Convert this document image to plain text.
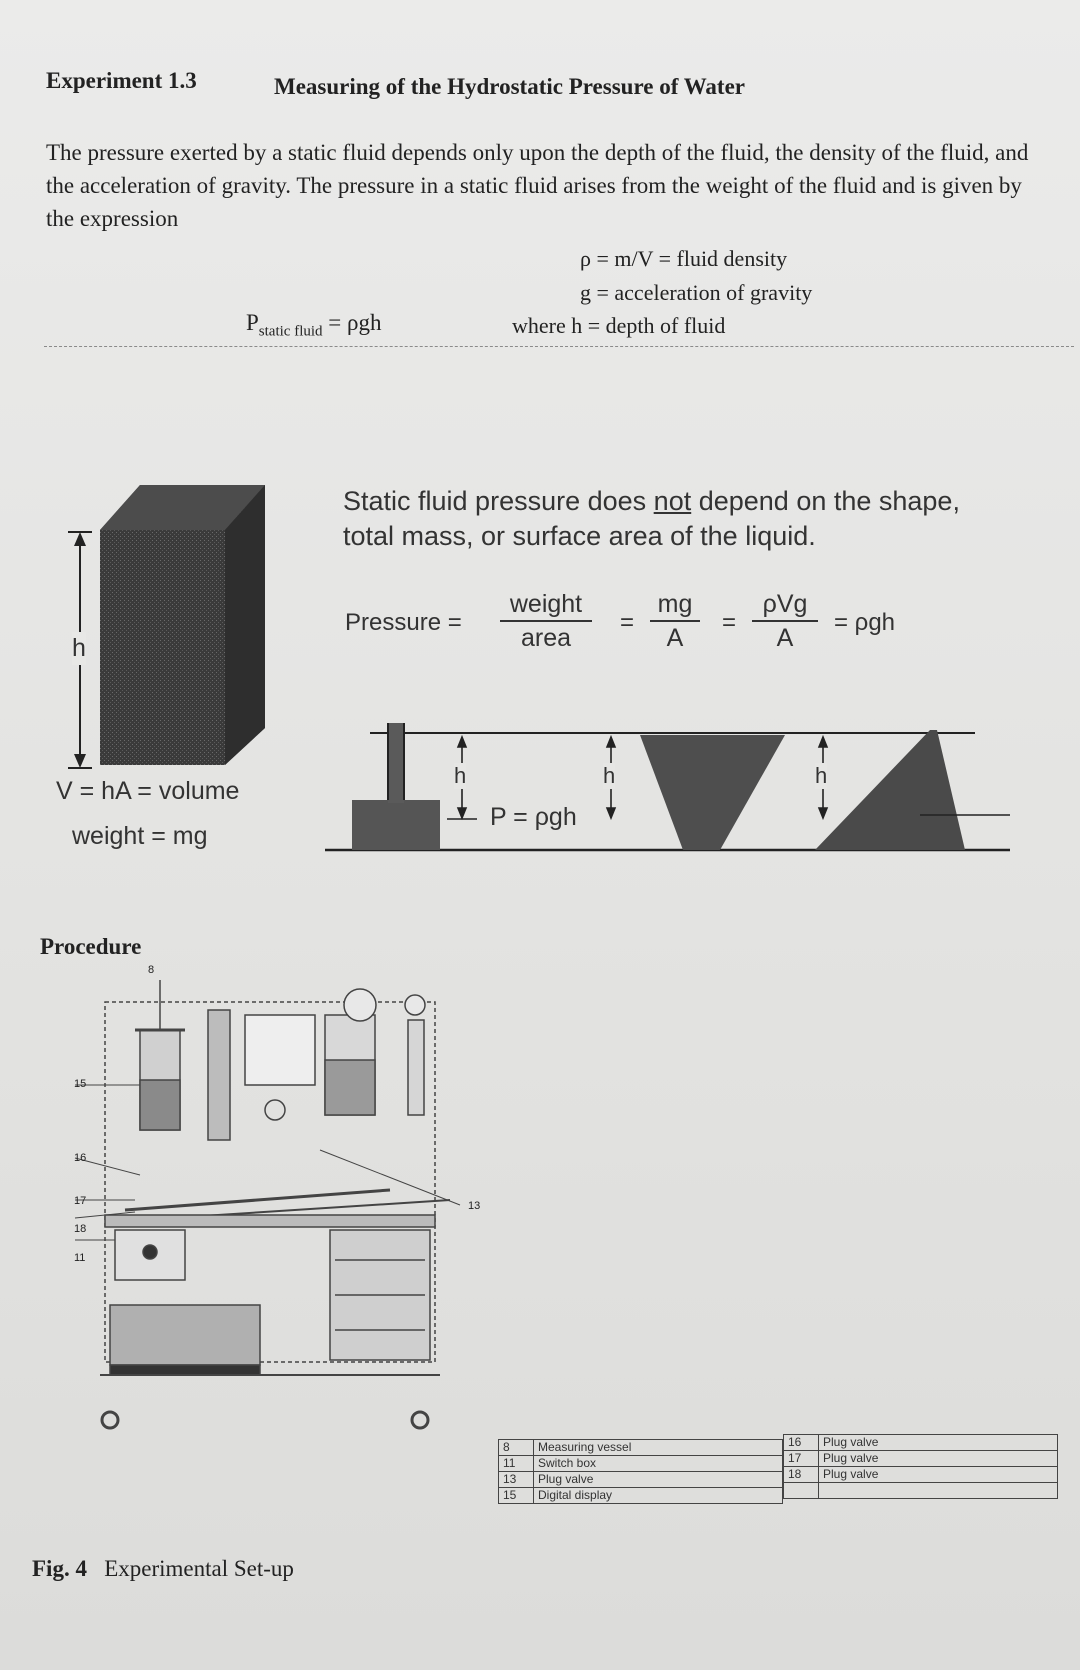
Experiment 1.3	Measuring of the Hydrostatic Pressure of Water
The pressure exerted by a static fluid depends only upon the depth of the fluid, the density of the fluid, and the acceleration of gravity. The pressure in a static fluid arises from the weight of the fluid and is given by the expression
ρ = m/V = fluid density
g = acceleration of gravity
where h = depth of fluid
$P_{static fluid} = \rho gh$
h
V = hA = volume
weight = mg
Static fluid pressure does not depend on the shape, total mass, or surface area of the liquid.
Pressure =
weight
area
= $\frac{mg}{A}$ =
ρVg
A
= ρgh
h	h	h
P = ρgh
Procedure
8
15
16
17
18
11
13
8	Measuring vessel
11	Switch box
13	Plug valve
15	Digital display
16	Plug valve
17	Plug valve
18	Plug valve

Fig. 4 Experimental Set-up
